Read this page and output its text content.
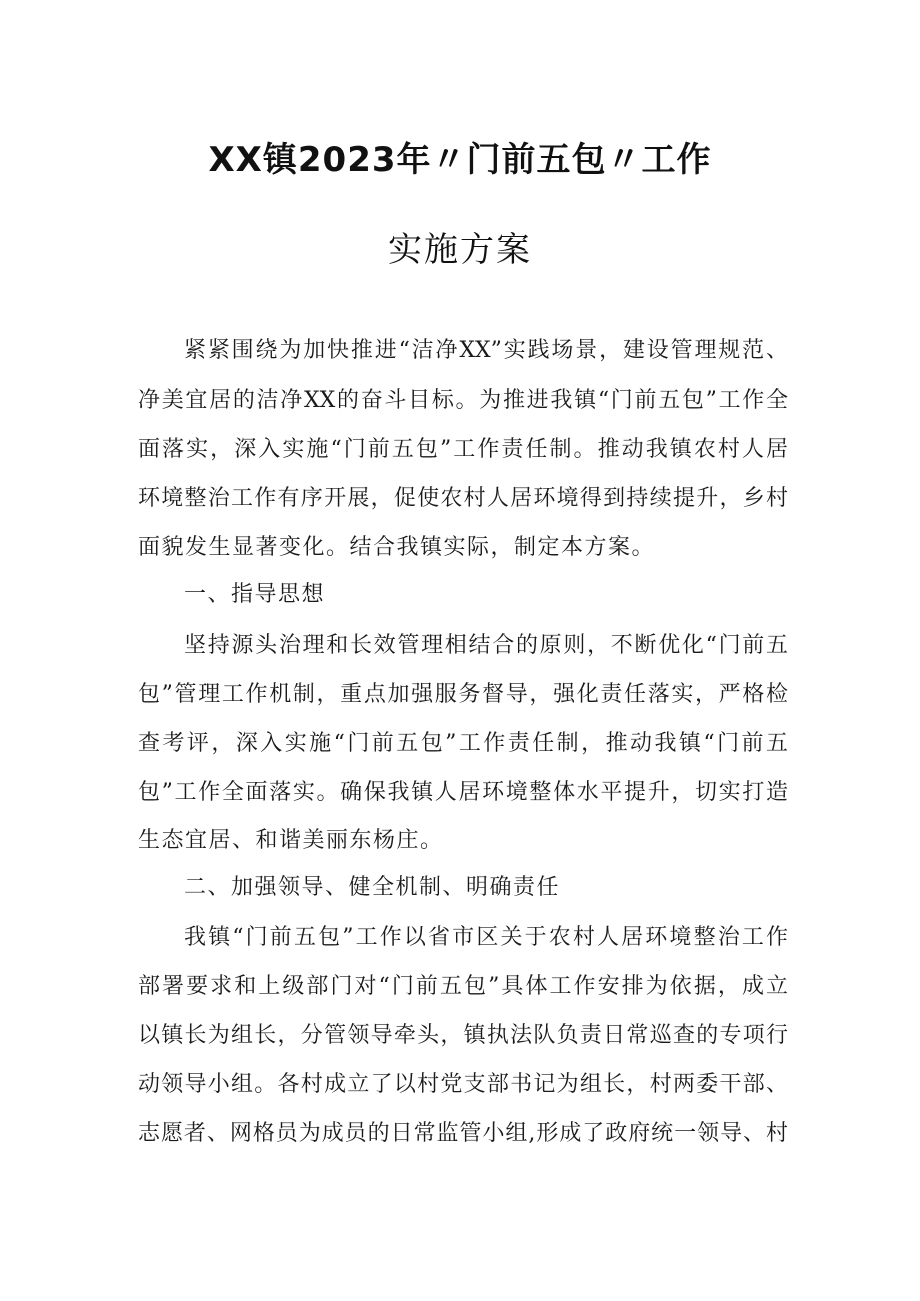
XX镇2023年〃门前五包〃工作
实施方案
紧紧围绕为加快推进“洁净XX”实践场景，建设管理规范、
净美宜居的洁净XX的奋斗目标。为推进我镇“门前五包”工作全
面落实，深入实施“门前五包”工作责任制。推动我镇农村人居
环境整治工作有序开展，促使农村人居环境得到持续提升，乡村
面貌发生显著变化。结合我镇实际，制定本方案。
一、指导思想
坚持源头治理和长效管理相结合的原则，不断优化“门前五
包”管理工作机制，重点加强服务督导，强化责任落实，严格检
查考评，深入实施“门前五包”工作责任制，推动我镇“门前五
包”工作全面落实。确保我镇人居环境整体水平提升，切实打造
生态宜居、和谐美丽东杨庄。
二、加强领导、健全机制、明确责任
我镇“门前五包”工作以省市区关于农村人居环境整治工作
部署要求和上级部门对“门前五包”具体工作安排为依据，成立
以镇长为组长，分管领导牵头，镇执法队负责日常巡查的专项行
动领导小组。各村成立了以村党支部书记为组长，村两委干部、
志愿者、网格员为成员的日常监管小组,形成了政府统一领导、村
